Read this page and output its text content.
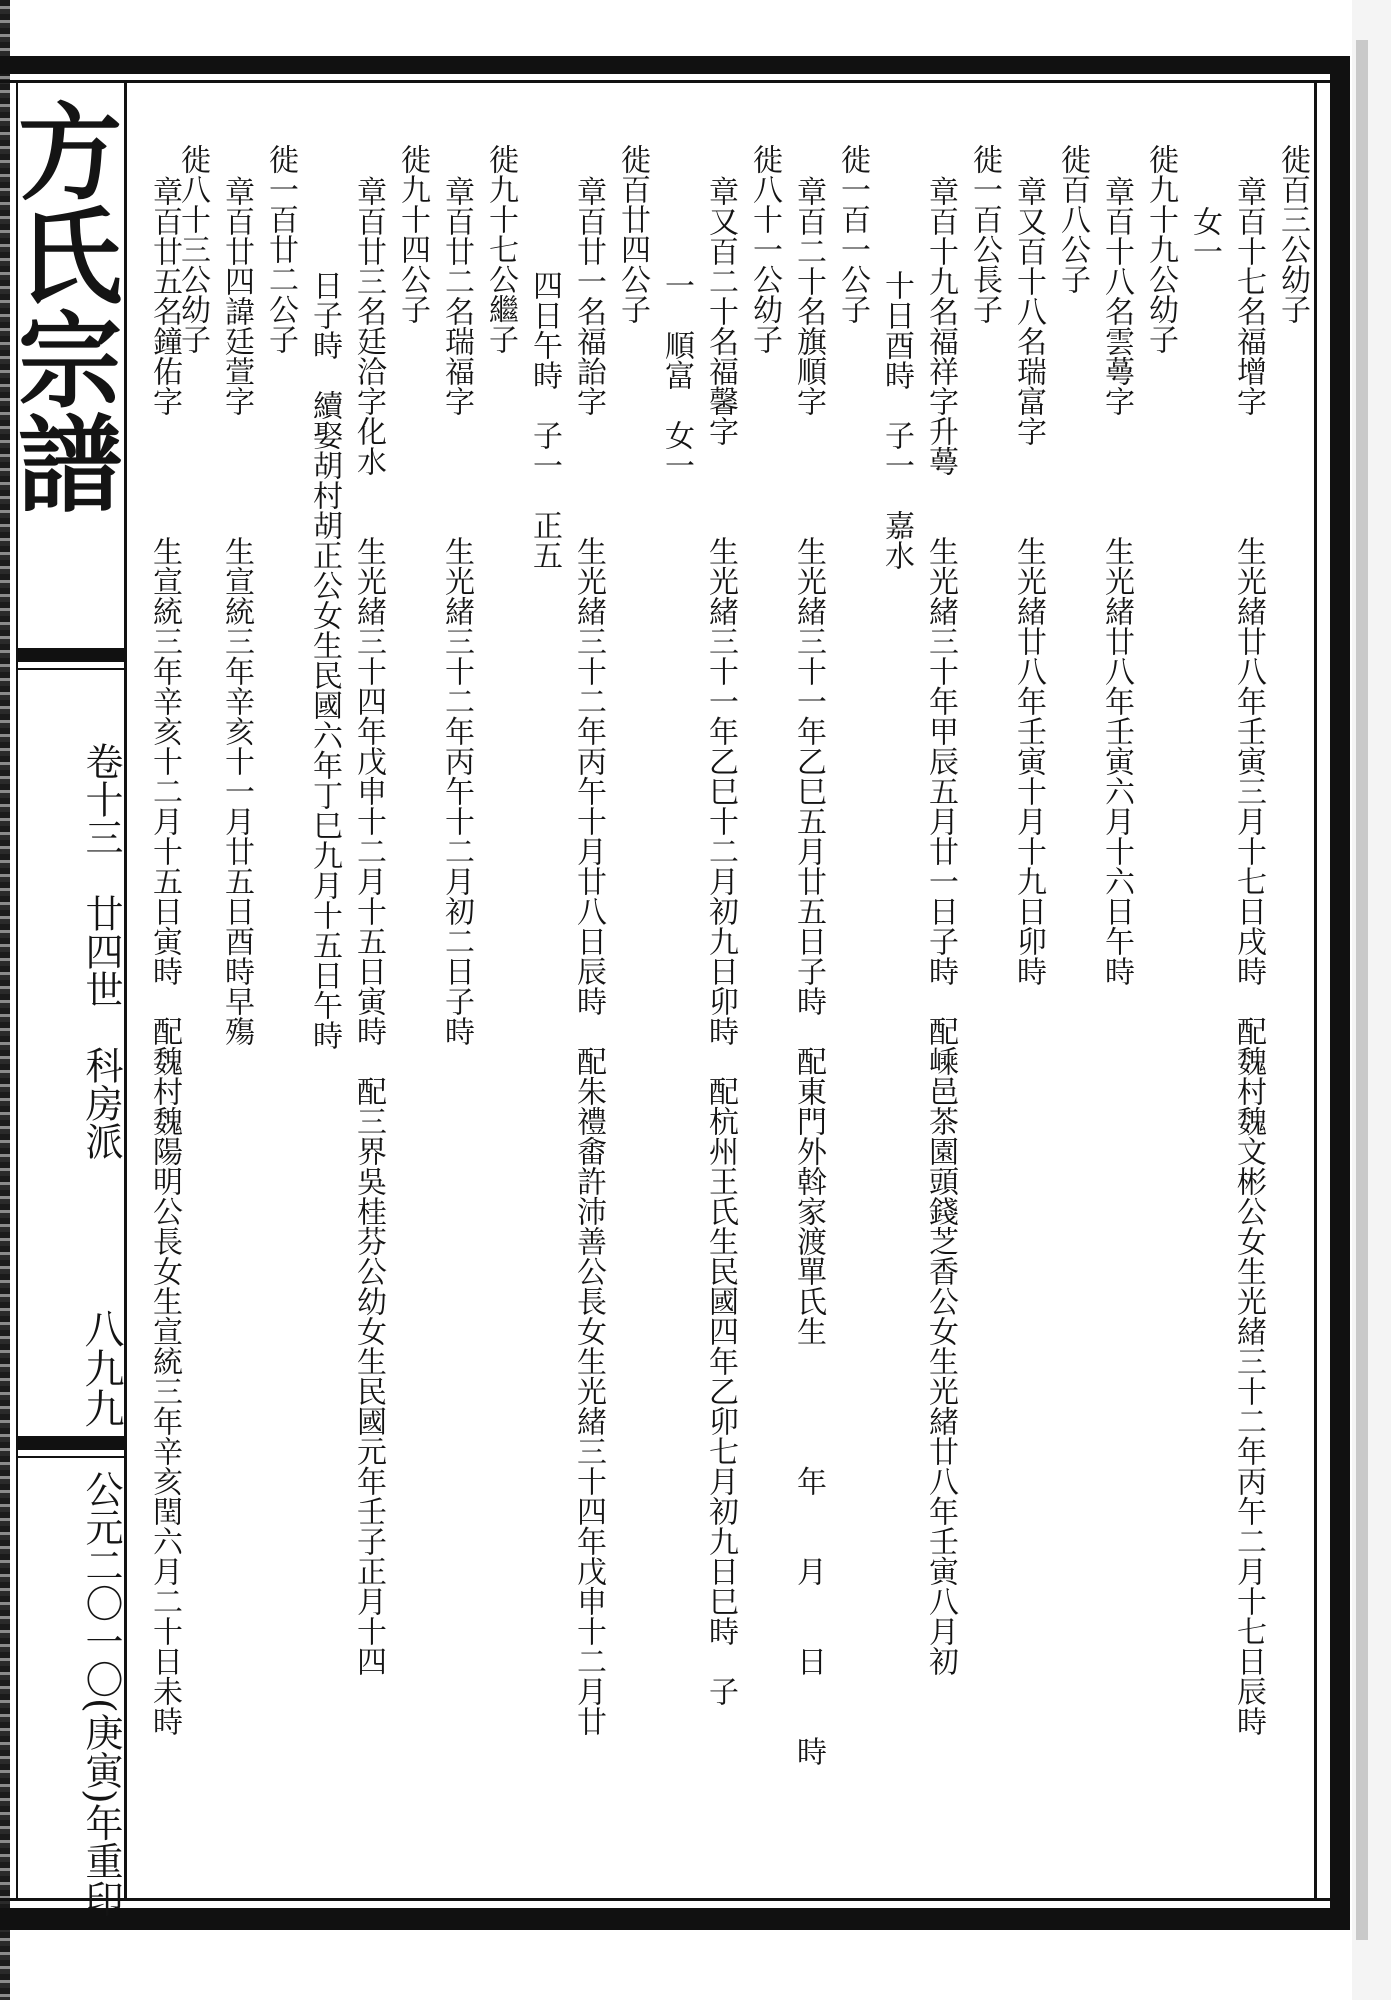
方氏宗譜
卷十三　廿四世　科房派
八九九
公元二〇一〇(庚寅)年重印
徙百三公幼子
章百十七名福增字　　　　生光緒廿八年壬寅三月十七日戌時　配魏村魏文彬公女生光緒三十二年丙午二月十七日辰時
　女一
徙九十九公幼子
章百十八名雲蕚字　　　　生光緒廿八年壬寅六月十六日午時
徙百八公子
章又百十八名瑞富字　　　生光緒廿八年壬寅十月十九日卯時
徙一百公長子
章百十九名福祥字升蕚　　生光緒三十年甲辰五月廿一日子時　配嵊邑茶園頭錢芝香公女生光緒廿八年壬寅八月初
　十日酉時　子一　嘉水
徙一百一公子
章百二十名旗順字　　　　生光緒三十一年乙巳五月廿五日子時　配東門外斡家渡單氏生　　　　年　　月　　日　　時
徙八十一公幼子
章又百二十名福馨字　　　生光緒三十一年乙巳十二月初九日卯時　配杭州王氏生民國四年乙卯七月初九日巳時　子
　一　順富　女一
徙百廿四公子
章百廿一名福詒字　　　　生光緒三十二年丙午十月廿八日辰時　配朱禮畬許沛善公長女生光緒三十四年戊申十二月廿
　四日午時　子一　正五
徙九十七公繼子
章百廿二名瑞福字　　　　生光緒三十二年丙午十二月初二日子時
徙九十四公子
章百廿三名廷洽字化水　　生光緒三十四年戊申十二月十五日寅時　配三界吳桂芬公幼女生民國元年壬子正月十四
　日子時　續娶胡村胡正公女生民國六年丁巳九月十五日午時
徙一百廿二公子
章百廿四諱廷萱字　　　　生宣統三年辛亥十一月廿五日酉時早殤
徙八十三公幼子
章百廿五名鐘佑字　　　　生宣統三年辛亥十二月十五日寅時　配魏村魏陽明公長女生宣統三年辛亥閏六月二十日未時
